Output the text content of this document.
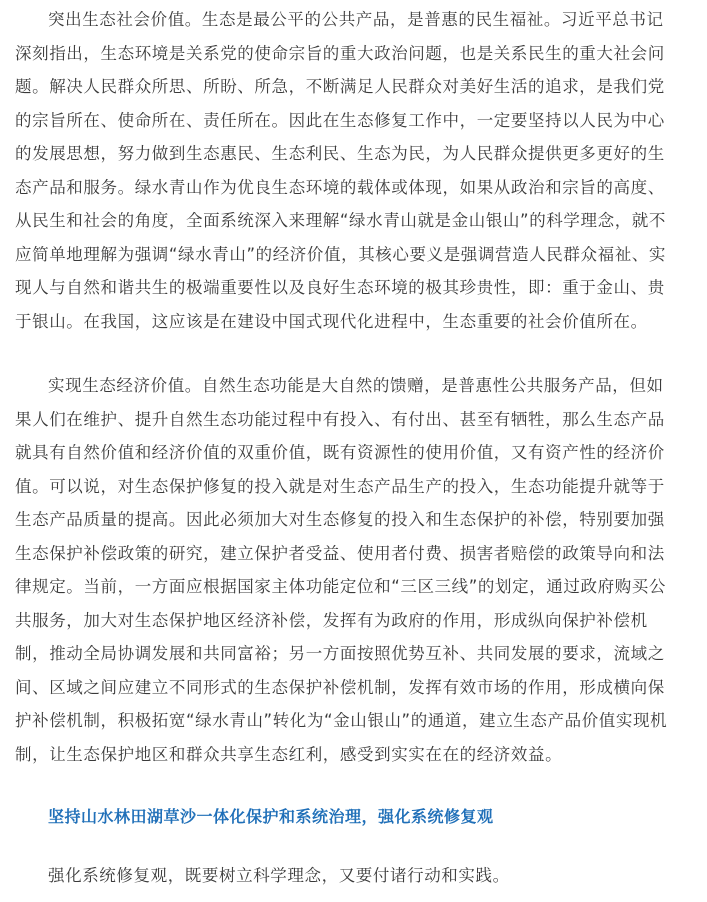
突出生态社会价值。生态是最公平的公共产品，是普惠的民生福祉。习近平总书记
深刻指出，生态环境是关系党的使命宗旨的重大政治问题，也是关系民生的重大社会问
题。解决人民群众所思、所盼、所急，不断满足人民群众对美好生活的追求，是我们党
的宗旨所在、使命所在、责任所在。因此在生态修复工作中，一定要坚持以人民为中心
的发展思想，努力做到生态惠民、生态利民、生态为民，为人民群众提供更多更好的生
态产品和服务。绿水青山作为优良生态环境的载体或体现，如果从政治和宗旨的高度、
从民生和社会的角度，全面系统深入来理解“绿水青山就是金山银山”的科学理念，就不
应简单地理解为强调“绿水青山”的经济价值，其核心要义是强调营造人民群众福祉、实
现人与自然和谐共生的极端重要性以及良好生态环境的极其珍贵性，即：重于金山、贵
于银山。在我国，这应该是在建设中国式现代化进程中，生态重要的社会价值所在。
实现生态经济价值。自然生态功能是大自然的馈赠，是普惠性公共服务产品，但如
果人们在维护、提升自然生态功能过程中有投入、有付出、甚至有牺牲，那么生态产品
就具有自然价值和经济价值的双重价值，既有资源性的使用价值，又有资产性的经济价
值。可以说，对生态保护修复的投入就是对生态产品生产的投入，生态功能提升就等于
生态产品质量的提高。因此必须加大对生态修复的投入和生态保护的补偿，特别要加强
生态保护补偿政策的研究，建立保护者受益、使用者付费、损害者赔偿的政策导向和法
律规定。当前，一方面应根据国家主体功能定位和“三区三线”的划定，通过政府购买公
共服务，加大对生态保护地区经济补偿，发挥有为政府的作用，形成纵向保护补偿机
制，推动全局协调发展和共同富裕；另一方面按照优势互补、共同发展的要求，流域之
间、区域之间应建立不同形式的生态保护补偿机制，发挥有效市场的作用，形成横向保
护补偿机制，积极拓宽“绿水青山”转化为“金山银山”的通道，建立生态产品价值实现机
制，让生态保护地区和群众共享生态红利，感受到实实在在的经济效益。
坚持山水林田湖草沙一体化保护和系统治理，强化系统修复观
强化系统修复观，既要树立科学理念，又要付诸行动和实践。
